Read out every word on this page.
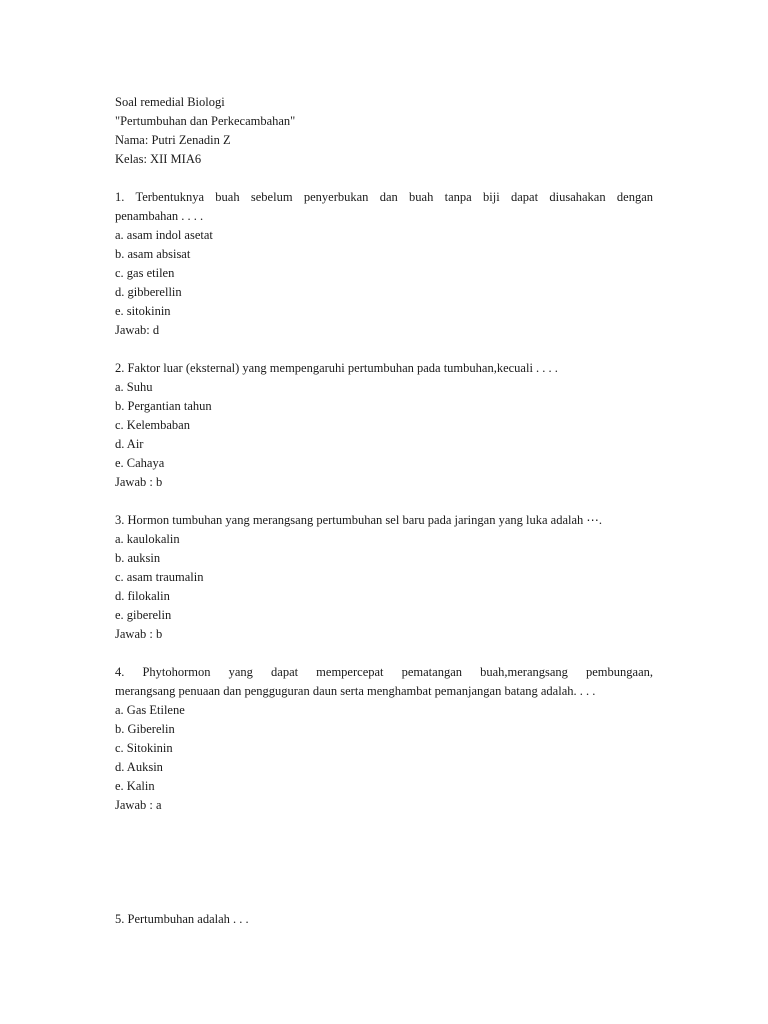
Soal remedial Biologi
"Pertumbuhan dan Perkecambahan"
Nama: Putri Zenadin Z
Kelas: XII MIA6
1. Terbentuknya buah sebelum penyerbukan dan buah tanpa biji dapat diusahakan dengan
penambahan . . . .
a. asam indol asetat
b. asam absisat
c. gas etilen
d. gibberellin
e. sitokinin
Jawab: d
2. Faktor luar (eksternal) yang mempengaruhi pertumbuhan pada tumbuhan,kecuali . . . .
a. Suhu
b. Pergantian tahun
c. Kelembaban
d. Air
e. Cahaya
Jawab : b
3. Hormon tumbuhan yang merangsang pertumbuhan sel baru pada jaringan yang luka adalah ⋯.
a. kaulokalin
b. auksin
c. asam traumalin
d. filokalin
e. giberelin
Jawab : b
4. Phytohormon yang dapat mempercepat pematangan buah,merangsang pembungaan,
merangsang penuaan dan pengguguran daun serta menghambat pemanjangan batang adalah. . . .
a. Gas Etilene
b. Giberelin
c. Sitokinin
d. Auksin
e. Kalin
Jawab : a
5. Pertumbuhan adalah . . .
